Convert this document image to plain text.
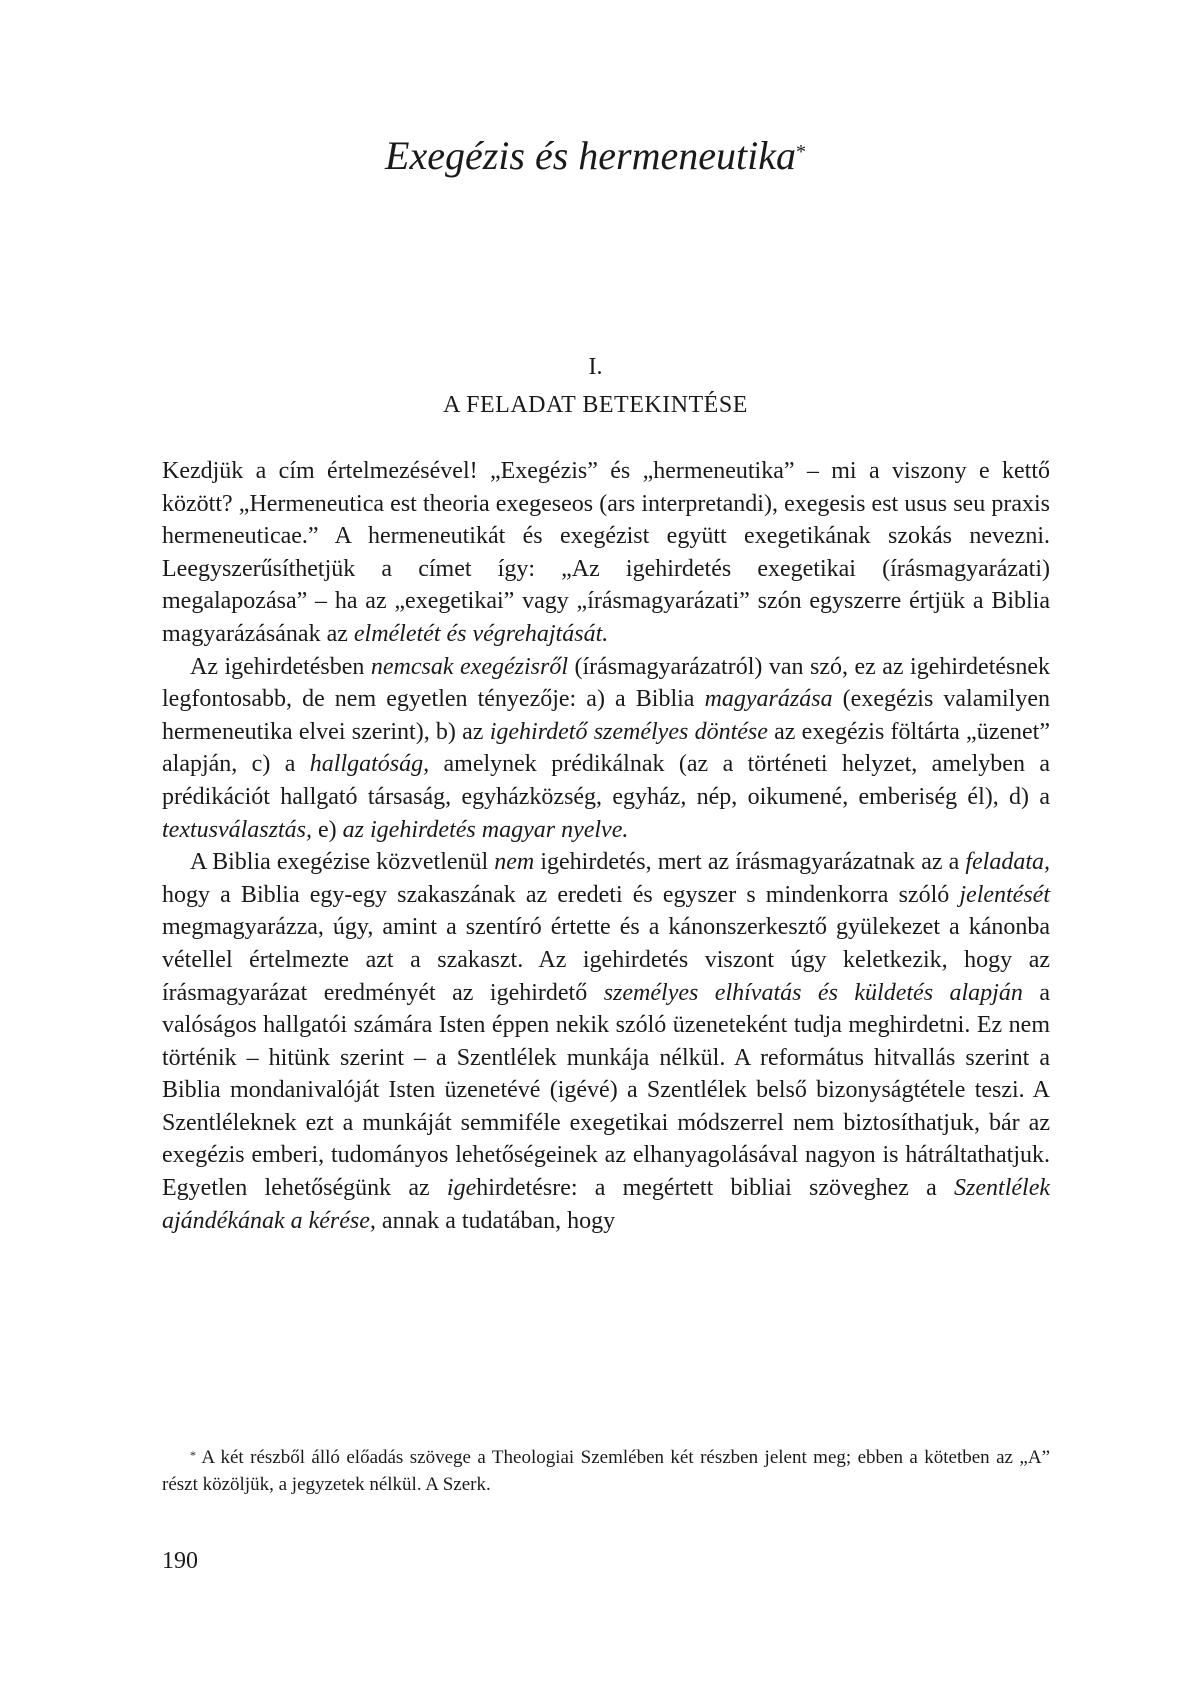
Exegézis és hermeneutika*
I.
A FELADAT BETEKINTÉSE

Kezdjük a cím értelmezésével! „Exegézis” és „hermeneutika” – mi a viszony e kettő között? „Hermeneutica est theoria exegeseos (ars interpretandi), exegesis est usus seu praxis hermeneuticae.” A hermeneutikát és exegézist együtt exegetikának szokás nevezni. Leegyszerűsíthetjük a címet így: „Az igehirdetés exegetikai (írásmagyarázati) megalapozása” – ha az „exegetikai” vagy „írásmagyarázati” szón egyszerre értjük a Biblia magyarázásának az elméletét és végrehajtását.

Az igehirdetésben nemcsak exegézisről (írásmagyarázatról) van szó, ez az igehirdetésnek legfontosabb, de nem egyetlen tényezője: a) a Biblia magyarázása (exegézis valamilyen hermeneutika elvei szerint), b) az igehirdető személyes döntése az exegézis föltárta „üzenet” alapján, c) a hallgatóság, amelynek prédikálnak (az a történeti helyzet, amelyben a prédikációt hallgató társaság, egyházközség, egyház, nép, oikumené, emberiség él), d) a textusválasztás, e) az igehirdetés magyar nyelve.

A Biblia exegézise közvetlenül nem igehirdetés, mert az írásmagyarázatnak az a feladata, hogy a Biblia egy-egy szakaszának az eredeti és egyszer s mindenkorra szóló jelentését megmagyarázza, úgy, amint a szentíró értette és a kánonszerkesztő gyülekezet a kánonba vétellel értelmezte azt a szakaszt. Az igehirdetés viszont úgy keletkezik, hogy az írásmagyarázat eredményét az igehirdető személyes elhívatás és küldetés alapján a valóságos hallgatói számára Isten éppen nekik szóló üzeneteként tudja meghirdetni. Ez nem történik – hitünk szerint – a Szentlélek munkája nélkül. A református hitvallás szerint a Biblia mondanivalóját Isten üzenetévé (igévé) a Szentlélek belső bizonyságtétele teszi. A Szentléleknek ezt a munkáját semmiféle exegetikai módszerrel nem biztosíthatjuk, bár az exegézis emberi, tudományos lehetőségeinek az elhanyagolásával nagyon is hátráltathatjuk. Egyetlen lehetőségünk az igehirdetésre: a megértett bibliai szöveghez a Szentlélek ajándékának a kérése, annak a tudatában, hogy

* A két részből álló előadás szövege a Theologiai Szemlében két részben jelent meg; ebben a kötetben az „A” részt közöljük, a jegyzetek nélkül. A Szerk.
190
